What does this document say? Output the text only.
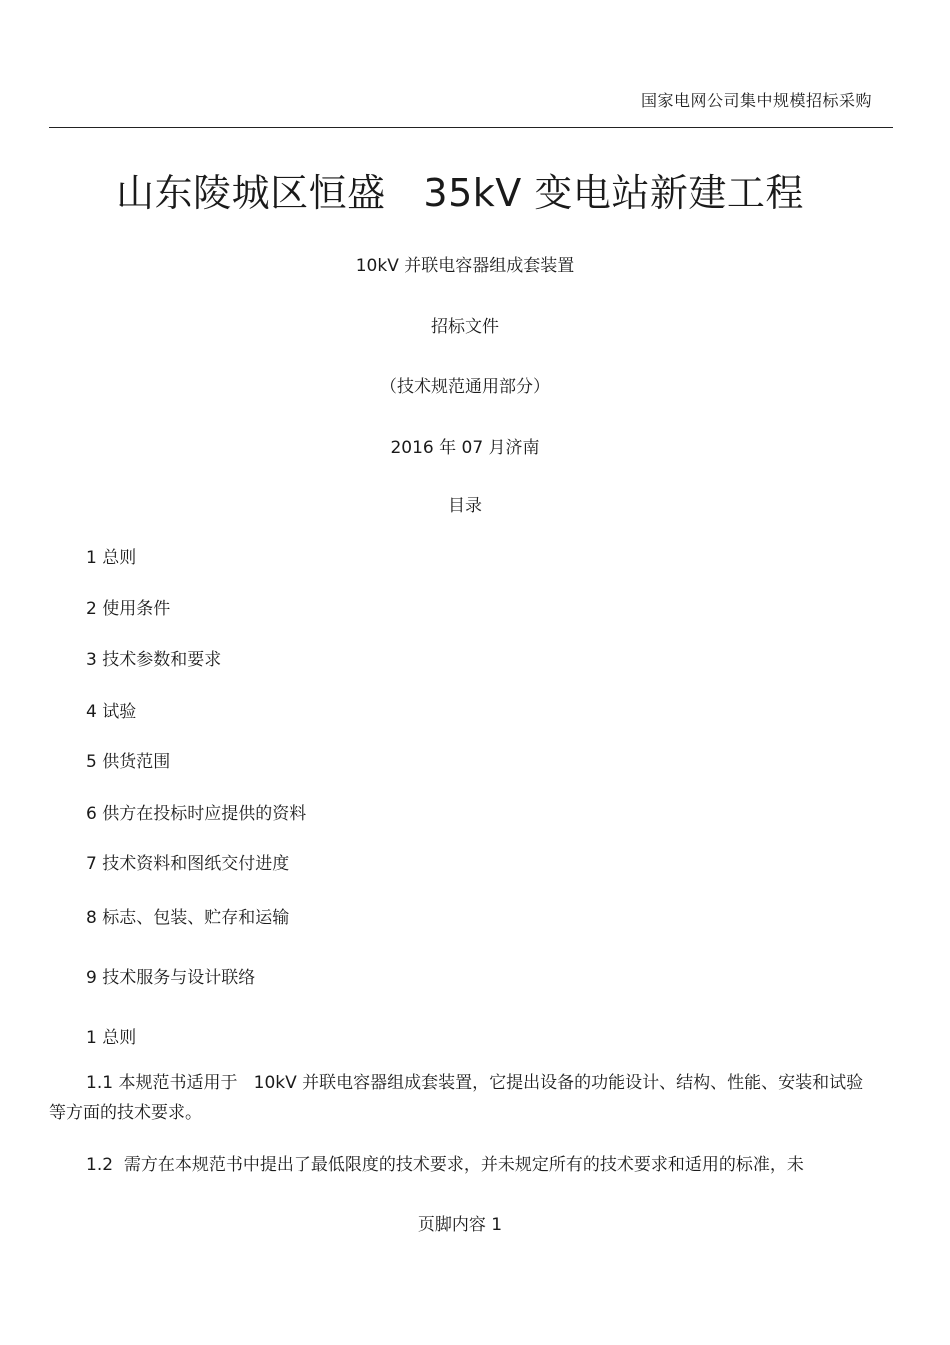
国家电网公司集中规模招标采购
山东陵城区恒盛   35kV 变电站新建工程
10kV 并联电容器组成套装置
招标文件
（技术规范通用部分）
2016 年 07 月济南
目录
1 总则
2 使用条件
3 技术参数和要求
4 试验
5 供货范围
6 供方在投标时应提供的资料
7 技术资料和图纸交付进度
8 标志、包装、贮存和运输
9 技术服务与设计联络
1 总则
1.1 本规范书适用于   10kV 并联电容器组成套装置，它提出设备的功能设计、结构、性能、安装和试验等方面的技术要求。
1.2  需方在本规范书中提出了最低限度的技术要求，并未规定所有的技术要求和适用的标准，未
页脚内容 1
